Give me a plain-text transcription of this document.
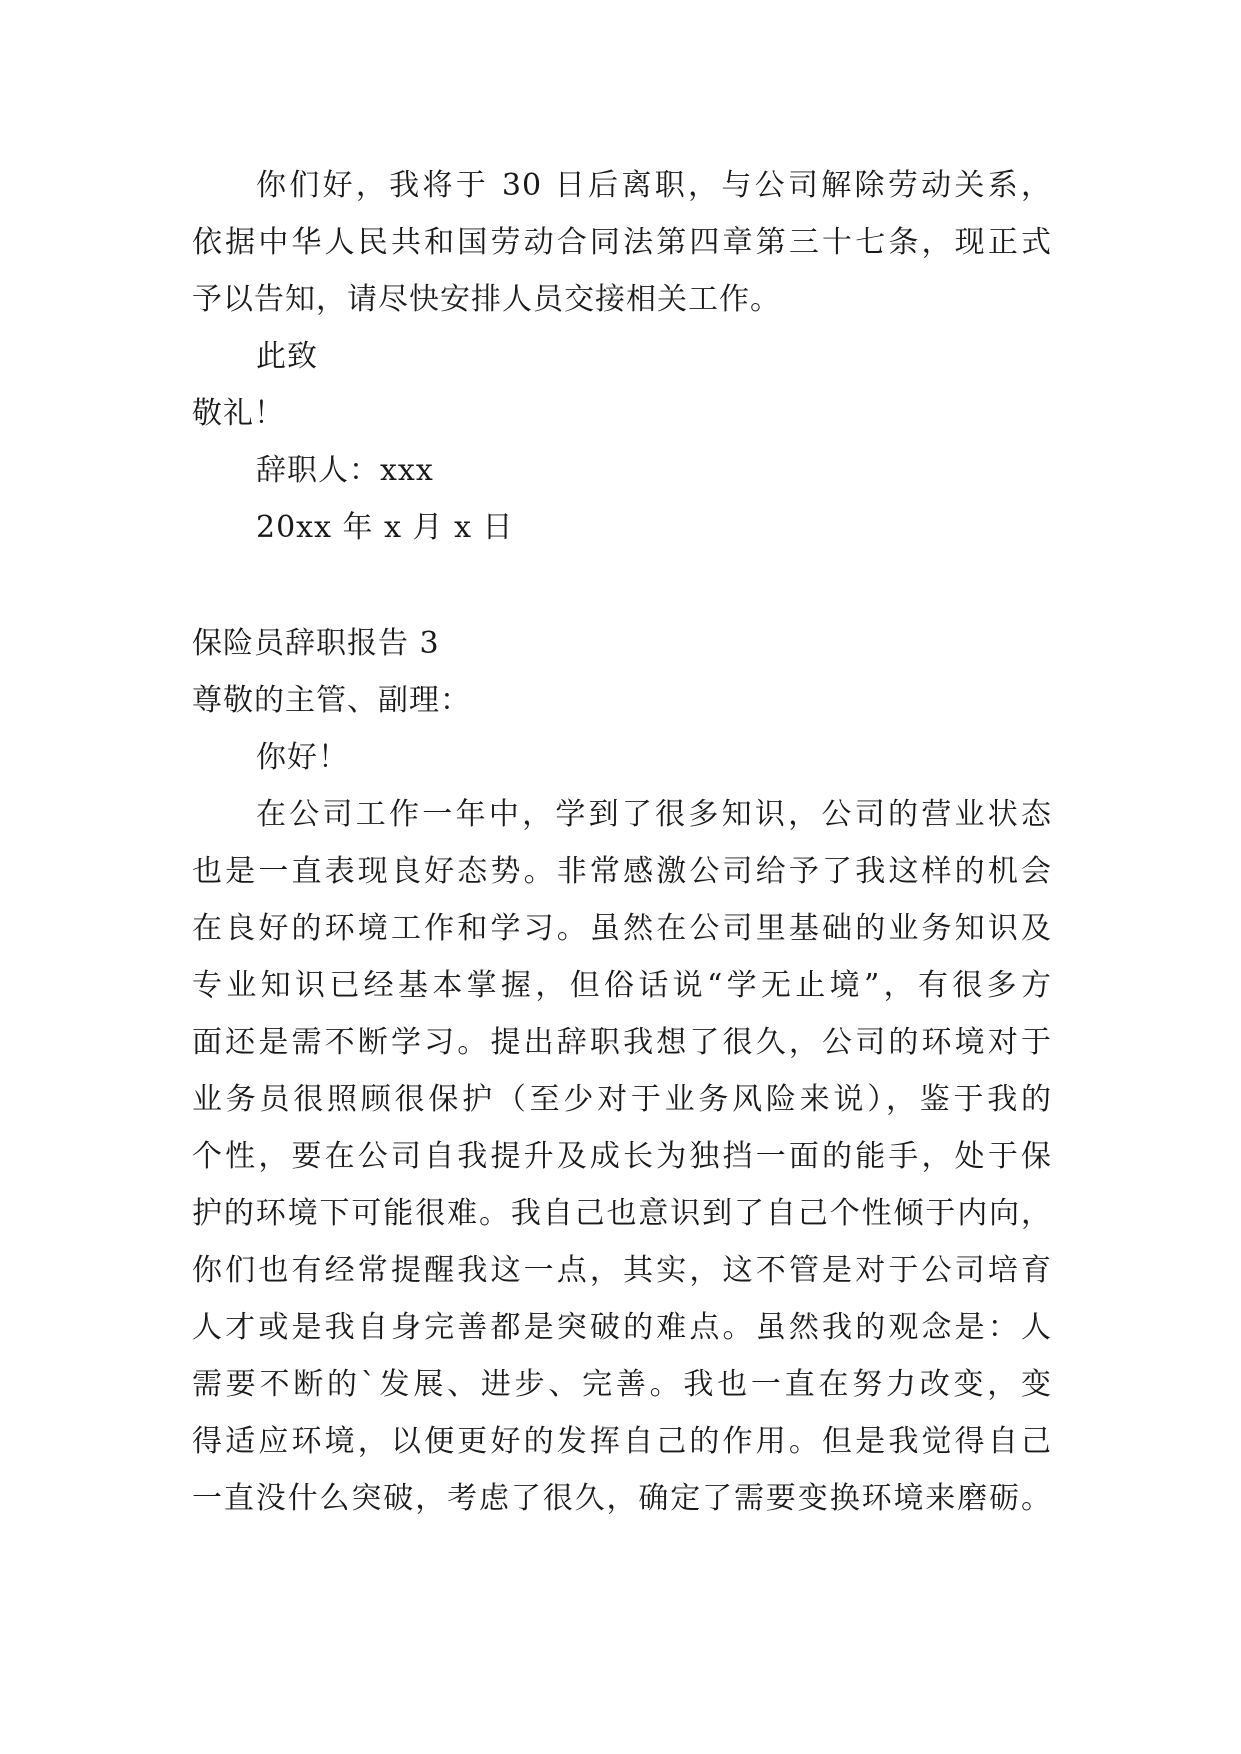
你们好，我将于 30 日后离职，与公司解除劳动关系，
依据中华人民共和国劳动合同法第四章第三十七条，现正式
予以告知，请尽快安排人员交接相关工作。
此致
敬礼！
辞职人：xxx
20xx 年 x 月 x 日
保险员辞职报告 3
尊敬的主管、副理：
你好！
在公司工作一年中，学到了很多知识，公司的营业状态
也是一直表现良好态势。非常感激公司给予了我这样的机会
在良好的环境工作和学习。虽然在公司里基础的业务知识及
专业知识已经基本掌握，但俗话说“学无止境”，有很多方
面还是需不断学习。提出辞职我想了很久，公司的环境对于
业务员很照顾很保护（至少对于业务风险来说），鉴于我的
个性，要在公司自我提升及成长为独挡一面的能手，处于保
护的环境下可能很难。我自己也意识到了自己个性倾于内向，
你们也有经常提醒我这一点，其实，这不管是对于公司培育
人才或是我自身完善都是突破的难点。虽然我的观念是：人
需要不断的`发展、进步、完善。我也一直在努力改变，变
得适应环境，以便更好的发挥自己的作用。但是我觉得自己
一直没什么突破，考虑了很久，确定了需要变换环境来磨砺。
